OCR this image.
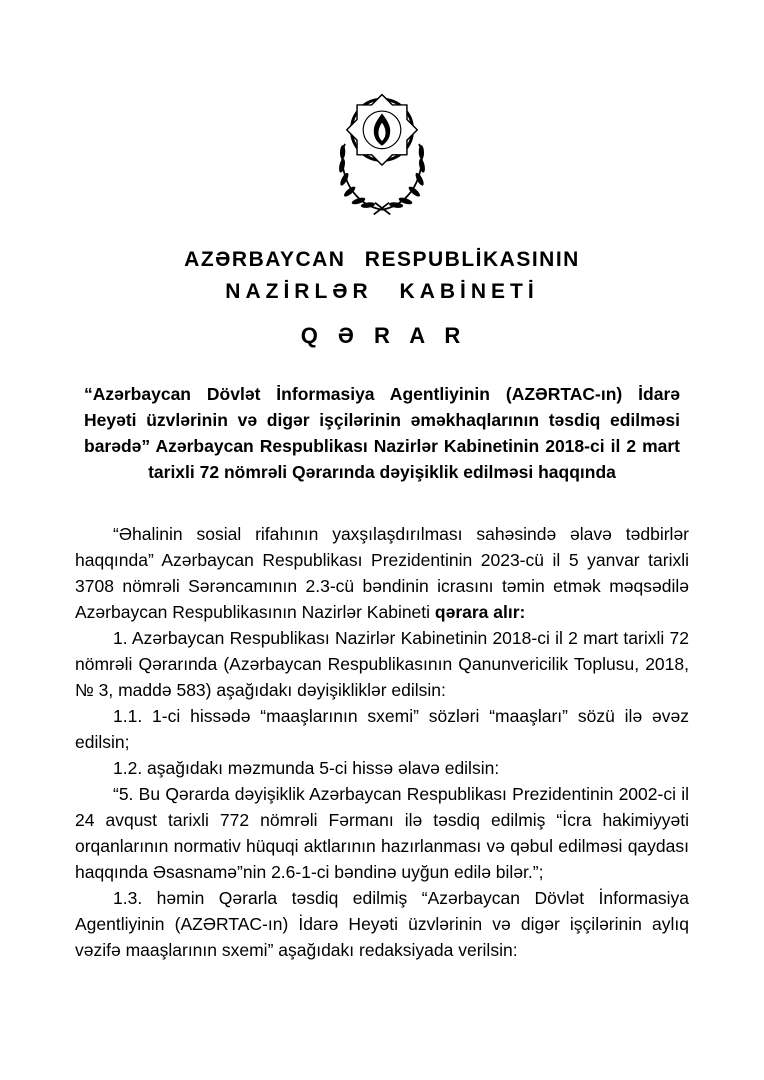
AZƏRBAYCAN RESPUBLİKASININ
NAZİRLƏR KABİNETİ
Q Ə R A R

“Azərbaycan Dövlət İnformasiya Agentliyinin (AZƏRTAC-ın) İdarə Heyəti üzvlərinin və digər işçilərinin əməkhaqlarının təsdiq edilməsi barədə” Azərbaycan Respublikası Nazirlər Kabinetinin 2018-ci il 2 mart tarixli 72 nömrəli Qərarında dəyişiklik edilməsi haqqında

“Əhalinin sosial rifahının yaxşılaşdırılması sahəsində əlavə tədbirlər haqqında” Azərbaycan Respublikası Prezidentinin 2023-cü il 5 yanvar tarixli 3708 nömrəli Sərəncamının 2.3-cü bəndinin icrasını təmin etmək məqsədilə Azərbaycan Respublikasının Nazirlər Kabineti qərara alır:

1. Azərbaycan Respublikası Nazirlər Kabinetinin 2018-ci il 2 mart tarixli 72 nömrəli Qərarında (Azərbaycan Respublikasının Qanunvericilik Toplusu, 2018, № 3, maddə 583) aşağıdakı dəyişikliklər edilsin:

1.1. 1-ci hissədə “maaşlarının sxemi” sözləri “maaşları” sözü ilə əvəz edilsin;

1.2. aşağıdakı məzmunda 5-ci hissə əlavə edilsin:

“5. Bu Qərarda dəyişiklik Azərbaycan Respublikası Prezidentinin 2002-ci il 24 avqust tarixli 772 nömrəli Fərmanı ilə təsdiq edilmiş “İcra hakimiyyəti orqanlarının normativ hüquqi aktlarının hazırlanması və qəbul edilməsi qaydası haqqında Əsasnamə”nin 2.6-1-ci bəndinə uyğun edilə bilər.”;

1.3. həmin Qərarla təsdiq edilmiş “Azərbaycan Dövlət İnformasiya Agentliyinin (AZƏRTAC-ın) İdarə Heyəti üzvlərinin və digər işçilərinin aylıq vəzifə maaşlarının sxemi” aşağıdakı redaksiyada verilsin:
